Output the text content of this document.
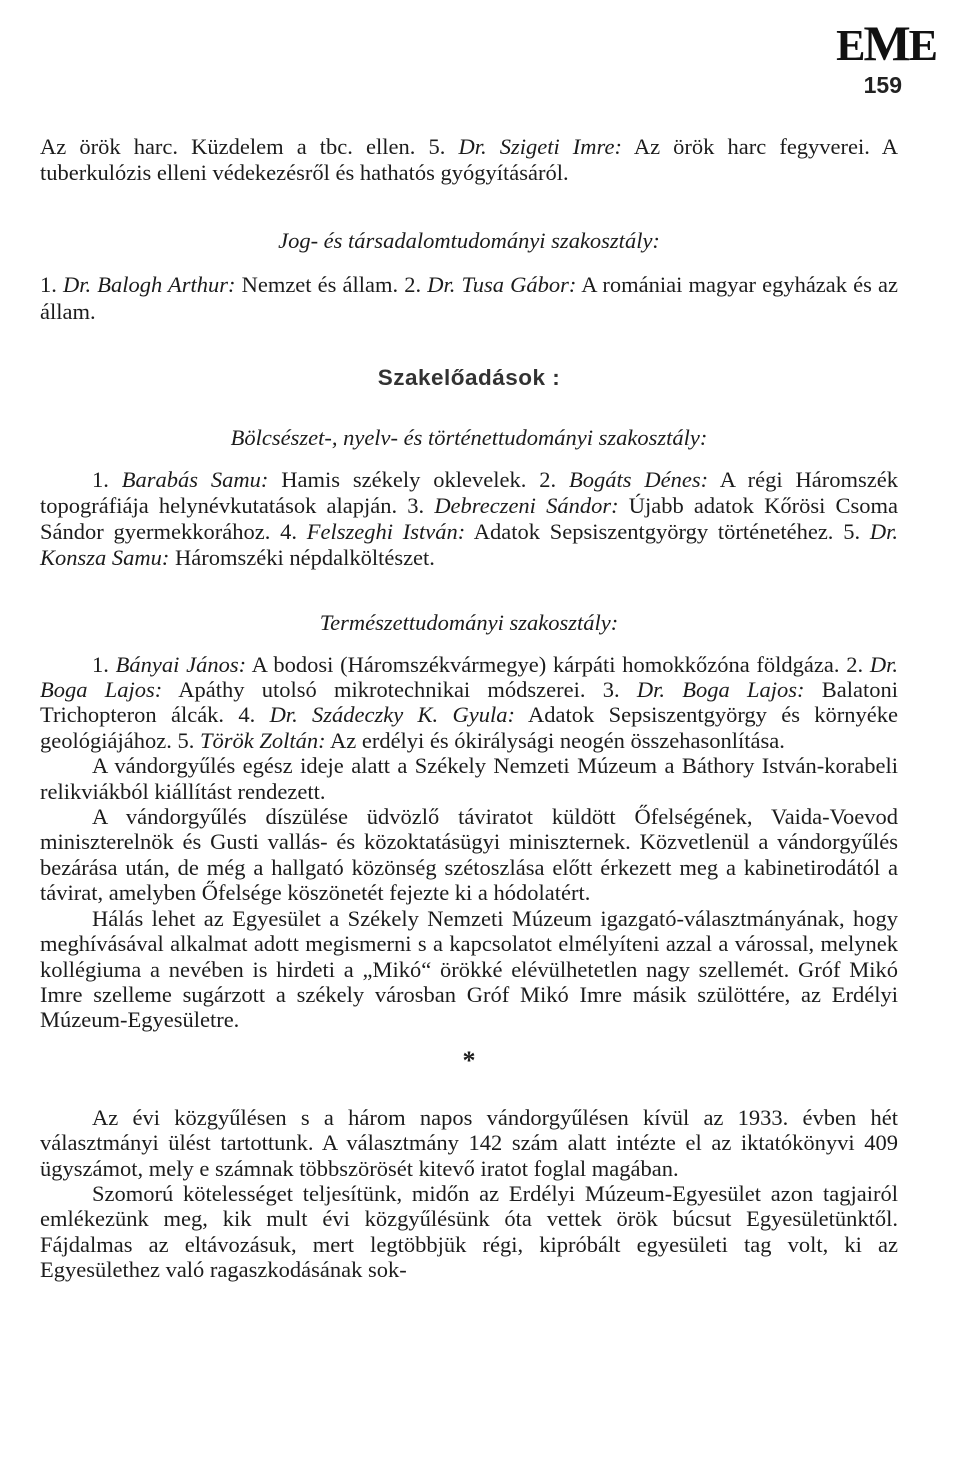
EME
159

Az örök harc. Küzdelem a tbc. ellen. 5. Dr. Szigeti Imre: Az örök harc fegyverei. A tuberkulózis elleni védekezésről és hathatós gyógyításáról.

Jog- és társadalomtudományi szakosztály:

1. Dr. Balogh Arthur: Nemzet és állam. 2. Dr. Tusa Gábor: A romániai magyar egyházak és az állam.

Szakelőadások :

Bölcsészet-, nyelv- és történettudományi szakosztály:

1. Barabás Samu: Hamis székely oklevelek. 2. Bogáts Dénes: A régi Háromszék topográfiája helynévkutatások alapján. 3. Debreczeni Sándor: Újabb adatok Kőrösi Csoma Sándor gyermekkorához. 4. Felszeghi István: Adatok Sepsiszentgyörgy történetéhez. 5. Dr. Konsza Samu: Háromszéki népdalköltészet.

Természettudományi szakosztály:

1. Bányai János: A bodosi (Háromszékvármegye) kárpáti homokkőzóna földgáza. 2. Dr. Boga Lajos: Apáthy utolsó mikrotechnikai módszerei. 3. Dr. Boga Lajos: Balatoni Trichopteron álcák. 4. Dr. Szádeczky K. Gyula: Adatok Sepsiszentgyörgy és környéke geológiájához. 5. Török Zoltán: Az erdélyi és ókirálysági neogén összehasonlítása.

A vándorgyűlés egész ideje alatt a Székely Nemzeti Múzeum a Báthory István-korabeli relikviákból kiállítást rendezett.

A vándorgyűlés díszülése üdvözlő táviratot küldött Őfelségének, Vaida-Voevod miniszterelnök és Gusti vallás- és közoktatásügyi miniszternek. Közvetlenül a vándorgyűlés bezárása után, de még a hallgató közönség szétoszlása előtt érkezett meg a kabinetirodától a távirat, amelyben Őfelsége köszönetét fejezte ki a hódolatért.

Hálás lehet az Egyesület a Székely Nemzeti Múzeum igazgató-választmányának, hogy meghívásával alkalmat adott megismerni s a kapcsolatot elmélyíteni azzal a várossal, melynek kollégiuma a nevében is hirdeti a „Mikó“ örökké elévülhetetlen nagy szellemét. Gróf Mikó Imre szelleme sugárzott a székely városban Gróf Mikó Imre másik szülöttére, az Erdélyi Múzeum-Egyesületre.

*

Az évi közgyűlésen s a három napos vándorgyűlésen kívül az 1933. évben hét választmányi ülést tartottunk. A választmány 142 szám alatt intézte el az iktatókönyvi 409 ügyszámot, mely e számnak többszörösét kitevő iratot foglal magában.

Szomorú kötelességet teljesítünk, midőn az Erdélyi Múzeum-Egyesület azon tagjairól emlékezünk meg, kik mult évi közgyűlésünk óta vettek örök búcsut Egyesületünktől. Fájdalmas az eltávozásuk, mert legtöbbjük régi, kipróbált egyesületi tag volt, ki az Egyesülethez való ragaszkodásának sok-
